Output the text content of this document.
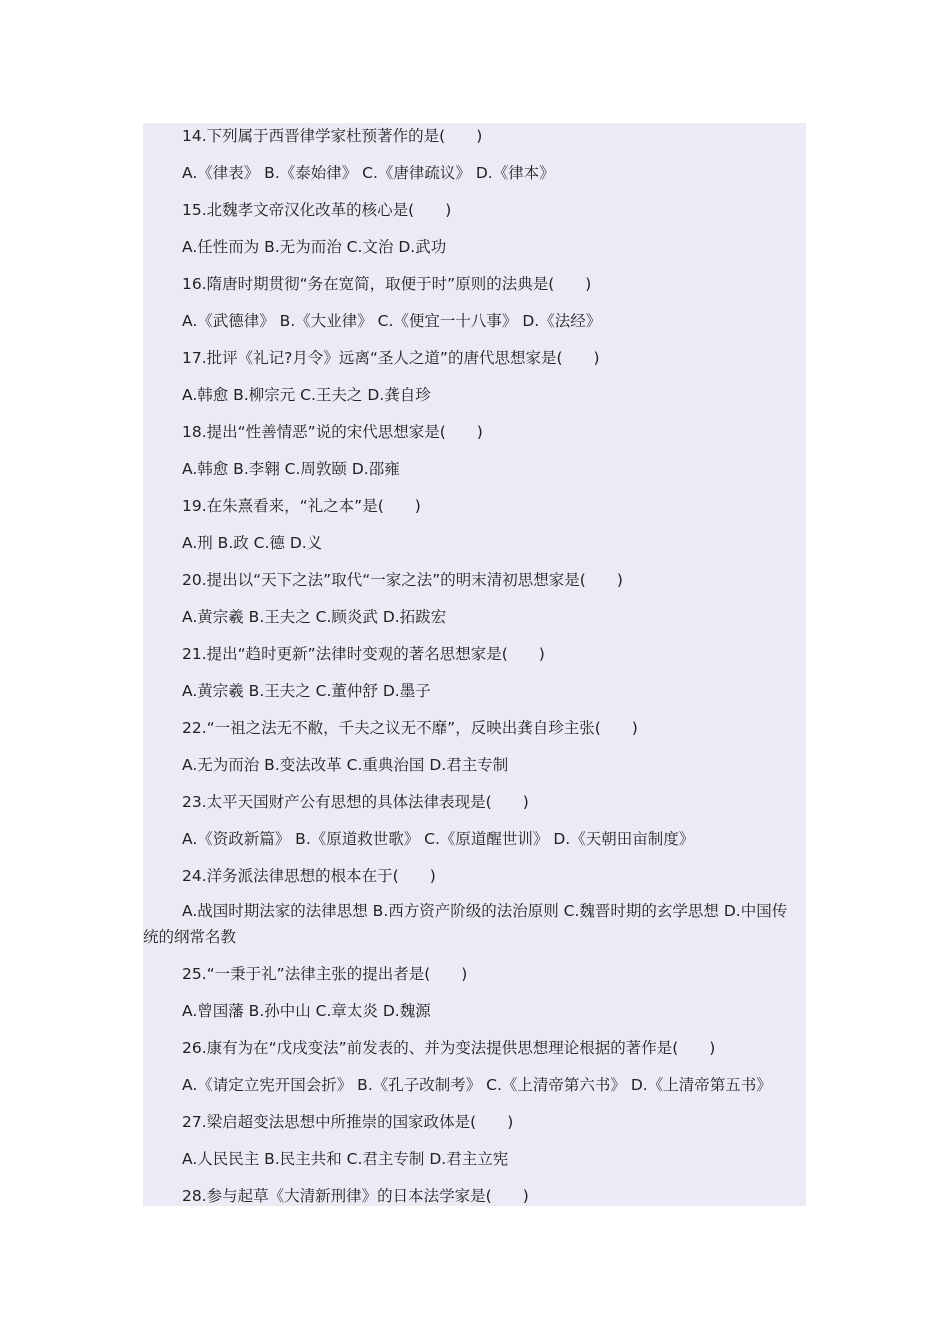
14.下列属于西晋律学家杜预著作的是(　　)
A.《律表》 B.《泰始律》 C.《唐律疏议》 D.《律本》
15.北魏孝文帝汉化改革的核心是(　　)
A.任性而为 B.无为而治 C.文治 D.武功
16.隋唐时期贯彻“务在宽简，取便于时”原则的法典是(　　)
A.《武德律》 B.《大业律》 C.《便宜一十八事》 D.《法经》
17.批评《礼记?月令》远离“圣人之道”的唐代思想家是(　　)
A.韩愈 B.柳宗元 C.王夫之 D.龚自珍
18.提出“性善情恶”说的宋代思想家是(　　)
A.韩愈 B.李翱 C.周敦颐 D.邵雍
19.在朱熹看来，“礼之本”是(　　)
A.刑 B.政 C.德 D.义
20.提出以“天下之法”取代“一家之法”的明末清初思想家是(　　)
A.黄宗羲 B.王夫之 C.顾炎武 D.拓跋宏
21.提出“趋时更新”法律时变观的著名思想家是(　　)
A.黄宗羲 B.王夫之 C.董仲舒 D.墨子
22.“一祖之法无不敝，千夫之议无不靡”，反映出龚自珍主张(　　)
A.无为而治 B.变法改革 C.重典治国 D.君主专制
23.太平天国财产公有思想的具体法律表现是(　　)
A.《资政新篇》 B.《原道救世歌》 C.《原道醒世训》 D.《天朝田亩制度》
24.洋务派法律思想的根本在于(　　)
A.战国时期法家的法律思想 B.西方资产阶级的法治原则 C.魏晋时期的玄学思想 D.中国传统的纲常名教
25.“一秉于礼”法律主张的提出者是(　　)
A.曾国藩 B.孙中山 C.章太炎 D.魏源
26.康有为在“戊戌变法”前发表的、并为变法提供思想理论根据的著作是(　　)
A.《请定立宪开国会折》 B.《孔子改制考》 C.《上清帝第六书》 D.《上清帝第五书》
27.梁启超变法思想中所推崇的国家政体是(　　)
A.人民民主 B.民主共和 C.君主专制 D.君主立宪
28.参与起草《大清新刑律》的日本法学家是(　　)
